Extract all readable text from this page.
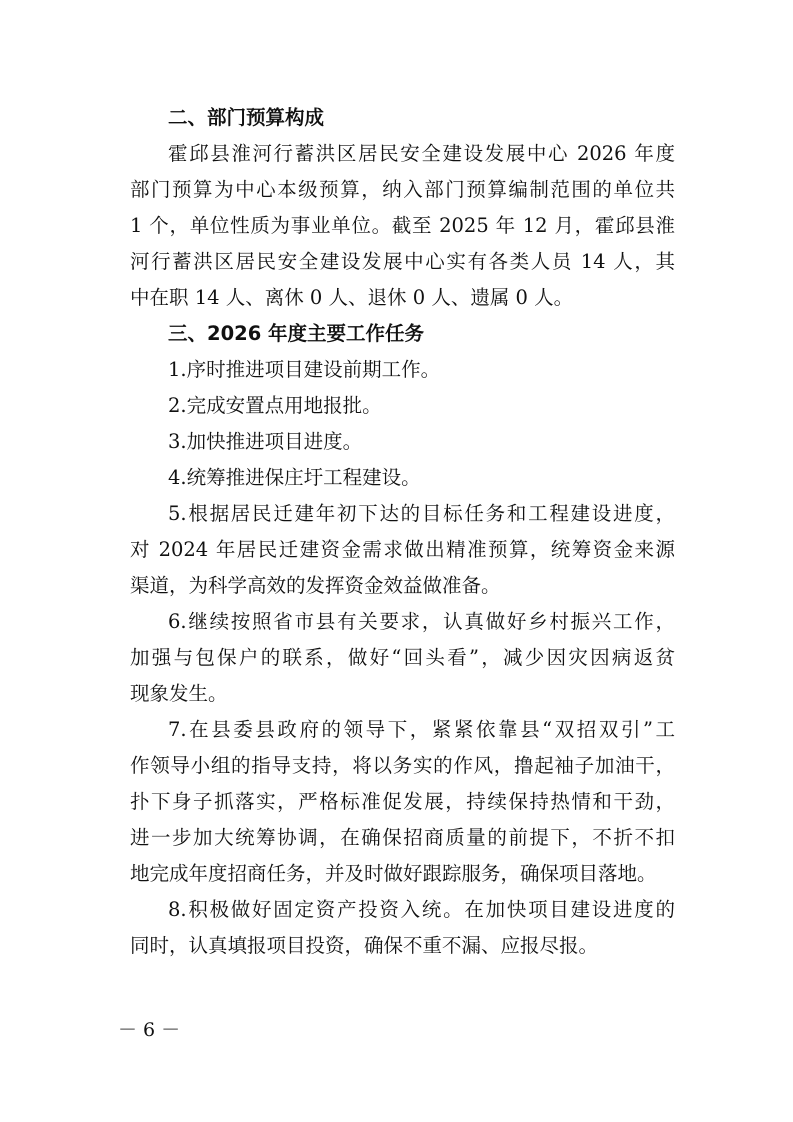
二、部门预算构成
霍邱县淮河行蓄洪区居民安全建设发展中心 2026 年度
部门预算为中心本级预算，纳入部门预算编制范围的单位共
1 个，单位性质为事业单位。截至 2025 年 12 月，霍邱县淮
河行蓄洪区居民安全建设发展中心实有各类人员 14 人，其
中在职 14 人、离休 0 人、退休 0 人、遗属 0 人。
三、2026 年度主要工作任务
1.序时推进项目建设前期工作。
2.完成安置点用地报批。
3.加快推进项目进度。
4.统筹推进保庄圩工程建设。
5.根据居民迁建年初下达的目标任务和工程建设进度，
对 2024 年居民迁建资金需求做出精准预算，统筹资金来源
渠道，为科学高效的发挥资金效益做准备。
6.继续按照省市县有关要求，认真做好乡村振兴工作，
加强与包保户的联系，做好“回头看”，减少因灾因病返贫
现象发生。
7.在县委县政府的领导下，紧紧依靠县“双招双引”工
作领导小组的指导支持，将以务实的作风，撸起袖子加油干，
扑下身子抓落实，严格标准促发展，持续保持热情和干劲，
进一步加大统筹协调，在确保招商质量的前提下，不折不扣
地完成年度招商任务，并及时做好跟踪服务，确保项目落地。
8.积极做好固定资产投资入统。在加快项目建设进度的
同时，认真填报项目投资，确保不重不漏、应报尽报。
－ 6 －
